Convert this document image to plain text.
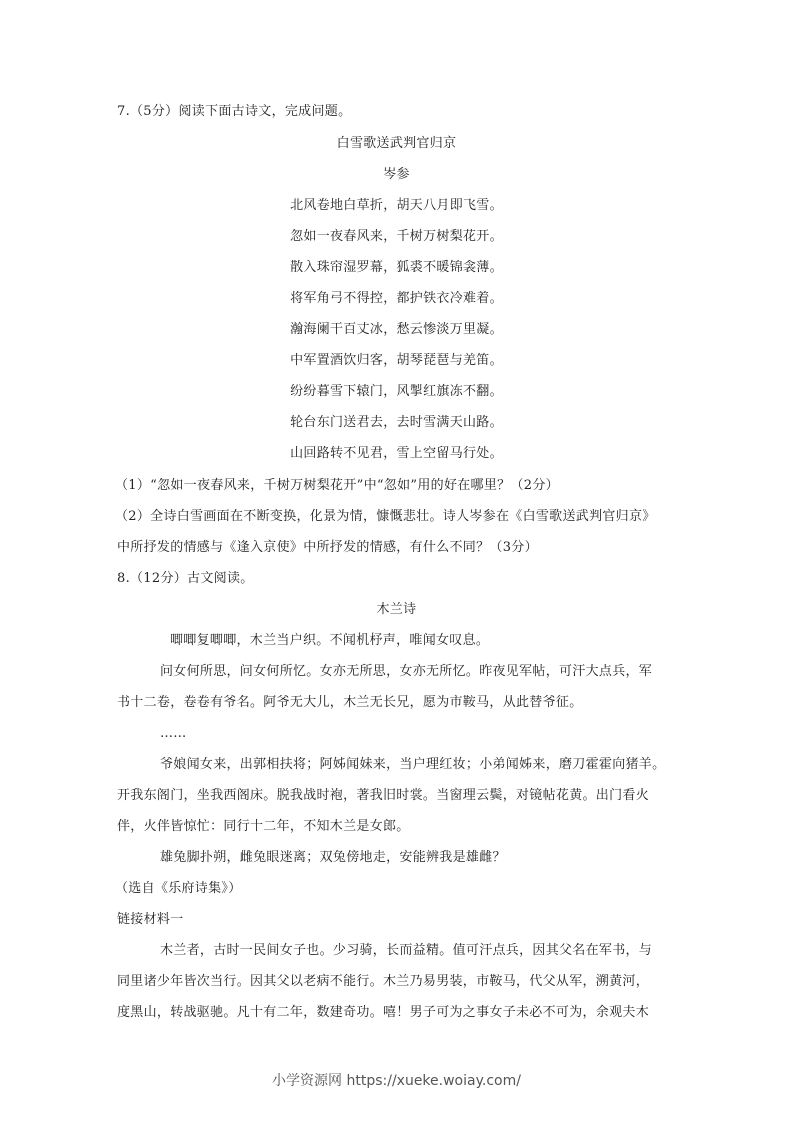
7.（5分）阅读下面古诗文，完成问题。
白雪歌送武判官归京
岑参
北风卷地白草折，胡天八月即飞雪。
忽如一夜春风来，千树万树梨花开。
散入珠帘湿罗幕，狐裘不暖锦衾薄。
将军角弓不得控，都护铁衣冷难着。
瀚海阑干百丈冰，愁云惨淡万里凝。
中军置酒饮归客，胡琴琵琶与羌笛。
纷纷暮雪下辕门，风掣红旗冻不翻。
轮台东门送君去，去时雪满天山路。
山回路转不见君，雪上空留马行处。
（1）“忽如一夜春风来，千树万树梨花开”中“忽如”用的好在哪里？（2分）
（2）全诗白雪画面在不断变换，化景为情，慷慨悲壮。诗人岑参在《白雪歌送武判官归京》
中所抒发的情感与《逢入京使》中所抒发的情感，有什么不同？（3分）
8.（12分）古文阅读。
木兰诗
唧唧复唧唧，木兰当户织。不闻机杼声，唯闻女叹息。
问女何所思，问女何所忆。女亦无所思，女亦无所忆。昨夜见军帖，可汗大点兵，军
书十二卷，卷卷有爷名。阿爷无大儿，木兰无长兄，愿为市鞍马，从此替爷征。
……
爷娘闻女来，出郭相扶将；阿姊闻妹来，当户理红妆；小弟闻姊来，磨刀霍霍向猪羊。
开我东阁门，坐我西阁床。脱我战时袍，著我旧时裳。当窗理云鬓，对镜帖花黄。出门看火
伴，火伴皆惊忙：同行十二年，不知木兰是女郎。
雄兔脚扑朔，雌兔眼迷离；双兔傍地走，安能辨我是雄雌？
（选自《乐府诗集》）
链接材料一
木兰者，古时一民间女子也。少习骑，长而益精。值可汗点兵，因其父名在军书，与
同里诸少年皆次当行。因其父以老病不能行。木兰乃易男装，市鞍马，代父从军，溯黄河，
度黑山，转战驱驰。凡十有二年，数建奇功。嘻！男子可为之事女子未必不可为，余观夫木
小学资源网 https://xueke.woiay.com/
